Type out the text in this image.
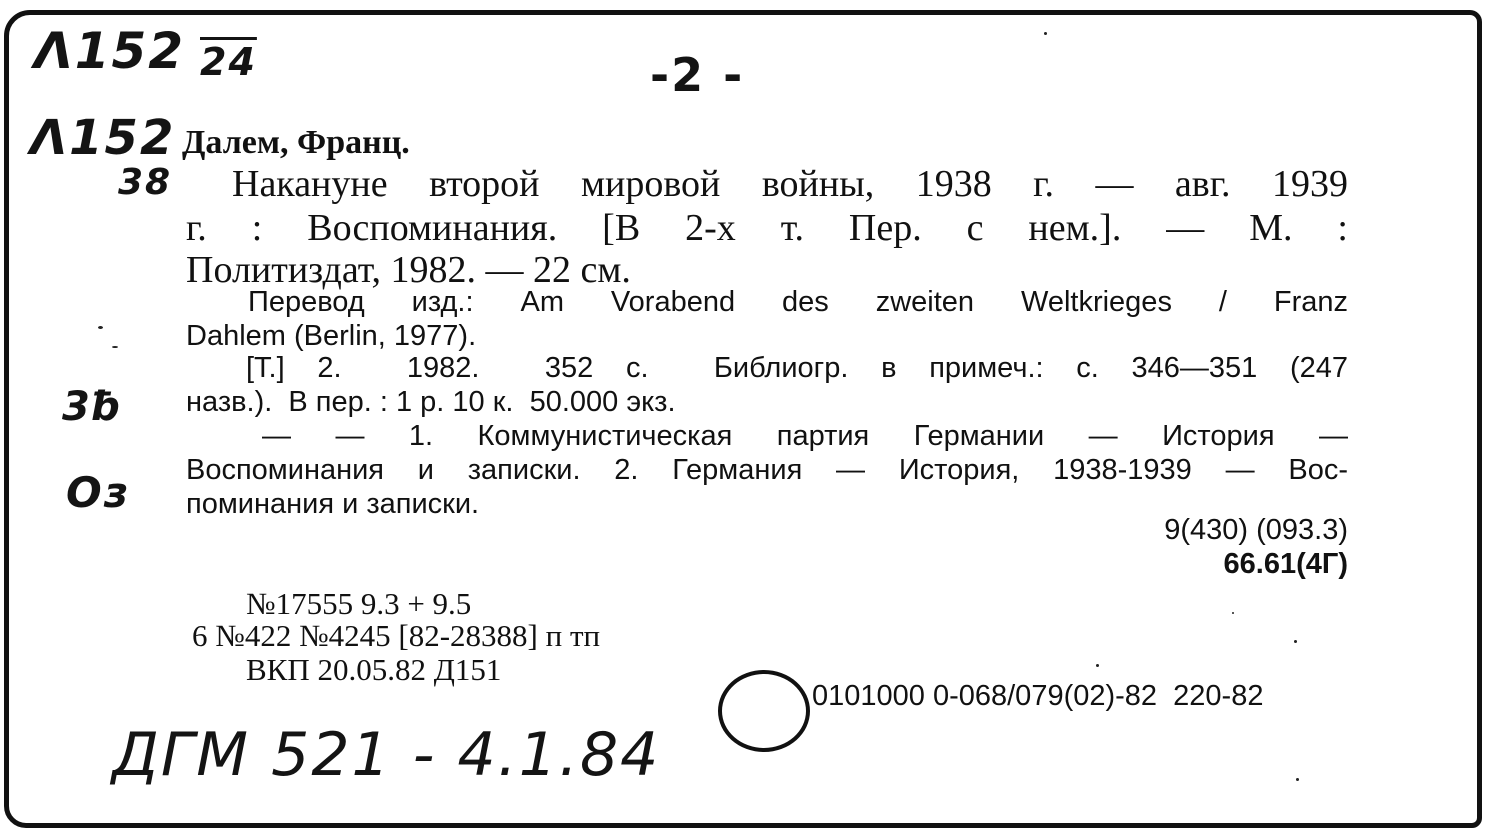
Λ152 24	-2 -
Λ152
38
3ƀ
Оз
ДГМ 521 - 4.1.84
Далем, Франц.
Накануне второй мировой войны, 1938 г. — авг. 1939
г. : Воспоминания. [В 2-х т. Пер. с нем.]. — М. :
Политиздат, 1982. — 22 см.
Перевод изд.: Am Vorabend des zweiten Weltkrieges / Franz
Dahlem (Berlin, 1977).
[Т.] 2.  1982.  352 с.  Библиогр. в примеч.: с. 346—351 (247
назв.).  В пер. : 1 р. 10 к.  50.000 экз.
— — 1. Коммунистическая партия Германии — История —
Воспоминания и записки. 2. Германия — История, 1938-1939 — Вос-
поминания и записки.
9(430) (093.3)
66.61(4Г)
№17555 9.3 + 9.5
6 №422 №4245 [82-28388] п тп
ВКП 20.05.82 Д151
0101000 0-068/079(02)-82  220-82
